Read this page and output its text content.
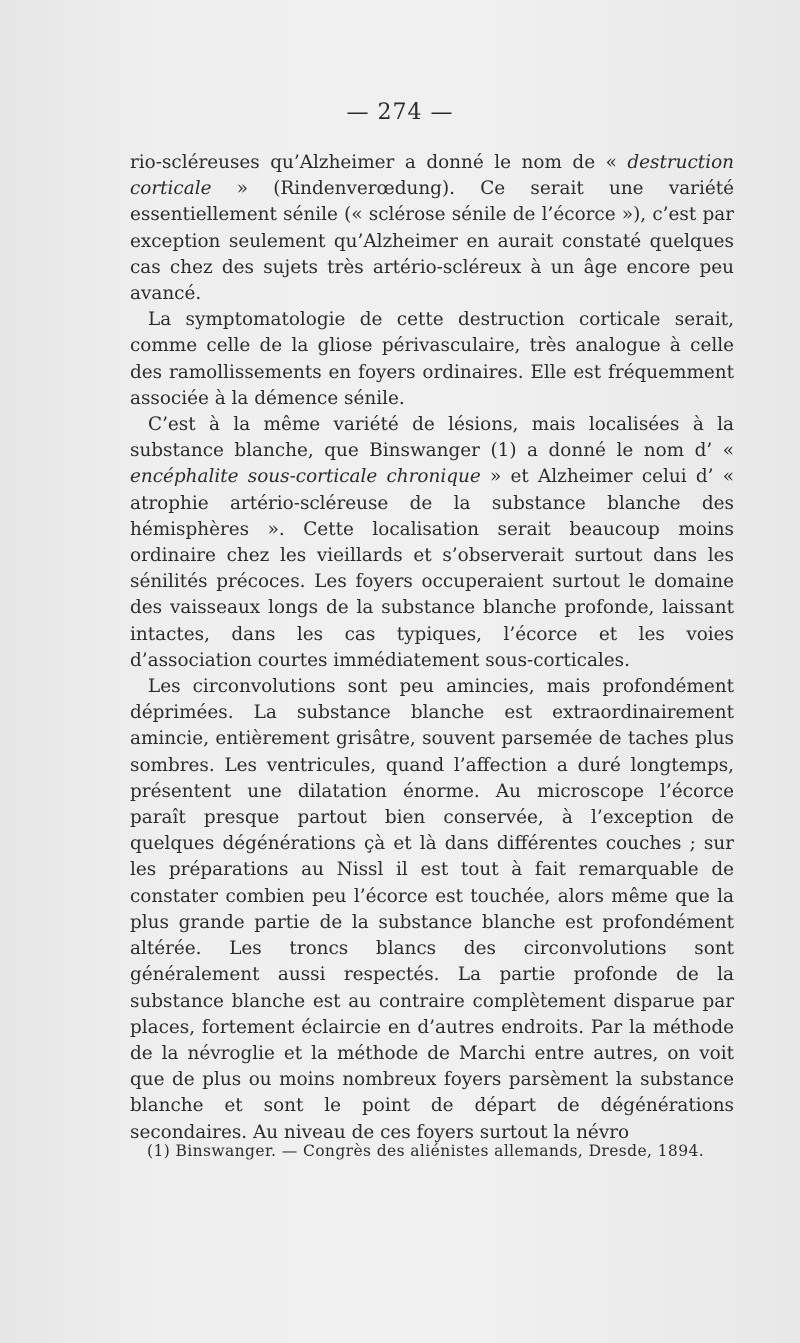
— 274 —

rio-scléreuses qu’Alzheimer a donné le nom de « destruction corticale » (Rindenverœdung). Ce serait une variété essentiellement sénile (« sclérose sénile de l’écorce »), c’est par exception seulement qu’Alzheimer en aurait constaté quelques cas chez des sujets très artério-scléreux à un âge encore peu avancé.

La symptomatologie de cette destruction corticale serait, comme celle de la gliose périvasculaire, très analogue à celle des ramollissements en foyers ordinaires. Elle est fréquemment associée à la démence sénile.

C’est à la même variété de lésions, mais localisées à la substance blanche, que Binswanger (1) a donné le nom d’ « encéphalite sous-corticale chronique » et Alzheimer celui d’ « atrophie artério-scléreuse de la substance blanche des hémisphères ». Cette localisation serait beaucoup moins ordinaire chez les vieillards et s’observerait surtout dans les sénilités précoces. Les foyers occuperaient surtout le domaine des vaisseaux longs de la substance blanche profonde, laissant intactes, dans les cas typiques, l’écorce et les voies d’association courtes immédiatement sous-corticales.

Les circonvolutions sont peu amincies, mais profondément déprimées. La substance blanche est extraordinairement amincie, entièrement grisâtre, souvent parsemée de taches plus sombres. Les ventricules, quand l’affection a duré longtemps, présentent une dilatation énorme. Au microscope l’écorce paraît presque partout bien conservée, à l’exception de quelques dégénérations çà et là dans différentes couches ; sur les préparations au Nissl il est tout à fait remarquable de constater combien peu l’écorce est touchée, alors même que la plus grande partie de la substance blanche est profondément altérée. Les troncs blancs des circonvolutions sont généralement aussi respectés. La partie profonde de la substance blanche est au contraire complètement disparue par places, fortement éclaircie en d’autres endroits. Par la méthode de la névroglie et la méthode de Marchi entre autres, on voit que de plus ou moins nombreux foyers parsèment la substance blanche et sont le point de départ de dégénérations secondaires. Au niveau de ces foyers surtout la névro

(1) Binswanger. — Congrès des aliénistes allemands, Dresde, 1894.
